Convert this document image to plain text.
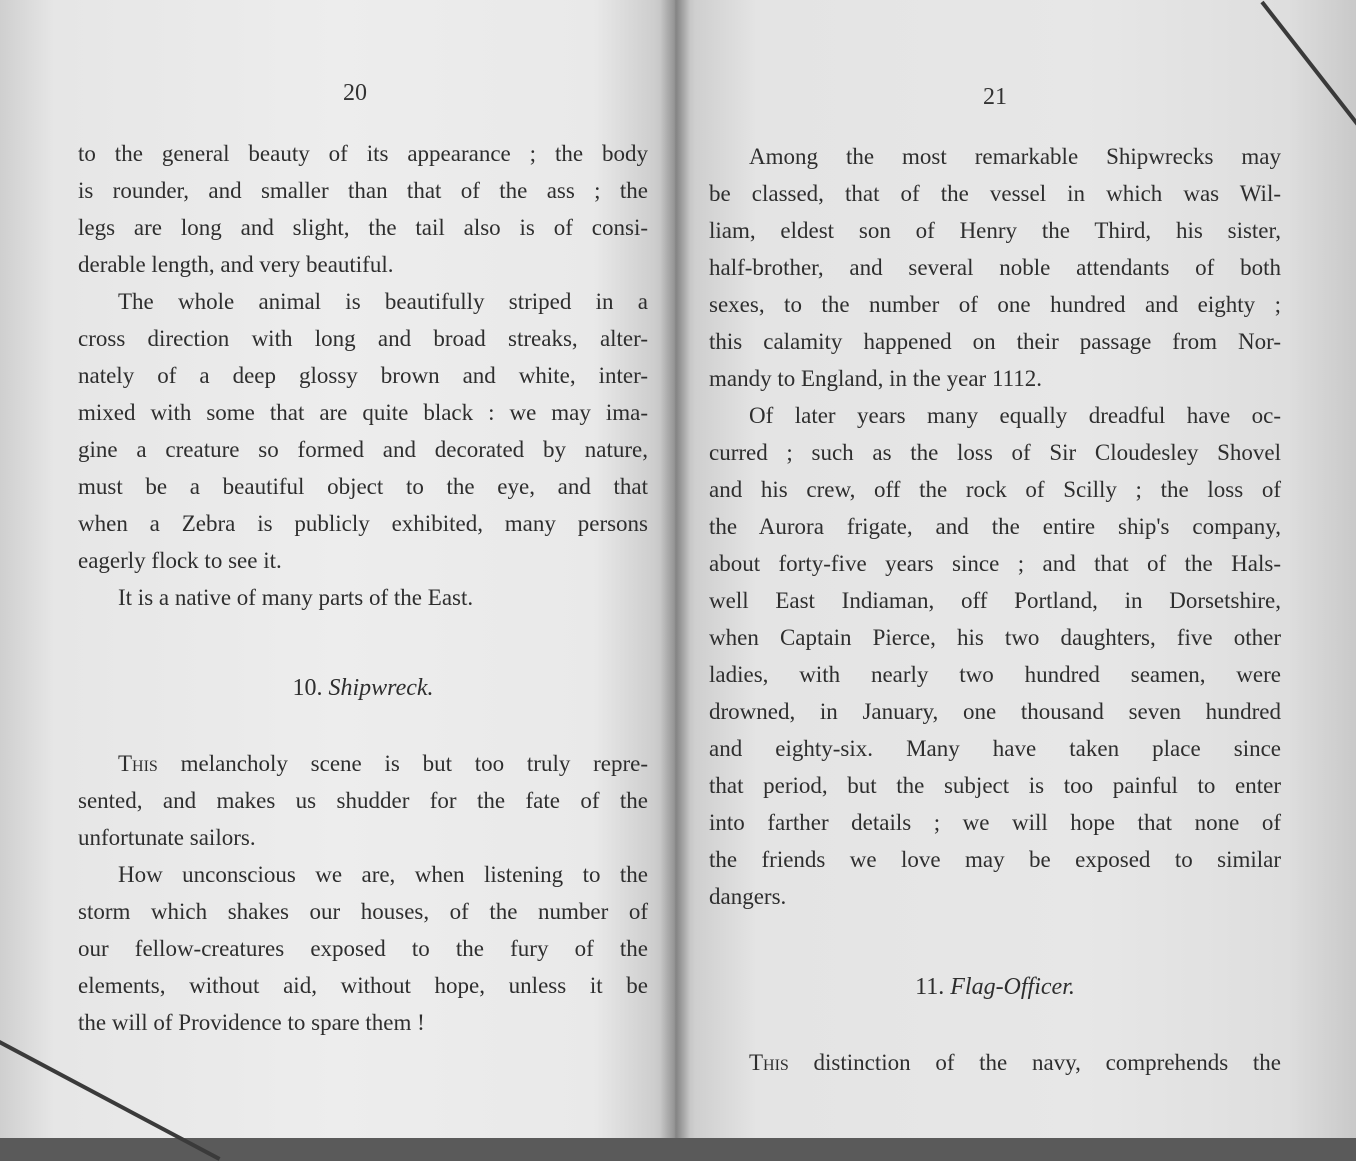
20
to the general beauty of its appearance ; the body
is rounder, and smaller than that of the ass ; the
legs are long and slight, the tail also is of consi-
derable length, and very beautiful.
The whole animal is beautifully striped in a
cross direction with long and broad streaks, alter-
nately of a deep glossy brown and white, inter-
mixed with some that are quite black : we may ima-
gine a creature so formed and decorated by nature,
must be a beautiful object to the eye, and that
when a Zebra is publicly exhibited, many persons
eagerly flock to see it.
It is a native of many parts of the East.
10. Shipwreck.
This melancholy scene is but too truly repre-
sented, and makes us shudder for the fate of the
unfortunate sailors.
How unconscious we are, when listening to the
storm which shakes our houses, of the number of
our fellow-creatures exposed to the fury of the
elements, without aid, without hope, unless it be
the will of Providence to spare them !
21
Among the most remarkable Shipwrecks may
be classed, that of the vessel in which was Wil-
liam, eldest son of Henry the Third, his sister,
half-brother, and several noble attendants of both
sexes, to the number of one hundred and eighty ;
this calamity happened on their passage from Nor-
mandy to England, in the year 1112.
Of later years many equally dreadful have oc-
curred ; such as the loss of Sir Cloudesley Shovel
and his crew, off the rock of Scilly ; the loss of
the Aurora frigate, and the entire ship's company,
about forty-five years since ; and that of the Hals-
well East Indiaman, off Portland, in Dorsetshire,
when Captain Pierce, his two daughters, five other
ladies, with nearly two hundred seamen, were
drowned, in January, one thousand seven hundred
and eighty-six. Many have taken place since
that period, but the subject is too painful to enter
into farther details ; we will hope that none of
the friends we love may be exposed to similar
dangers.
11. Flag-Officer.
This distinction of the navy, comprehends the
